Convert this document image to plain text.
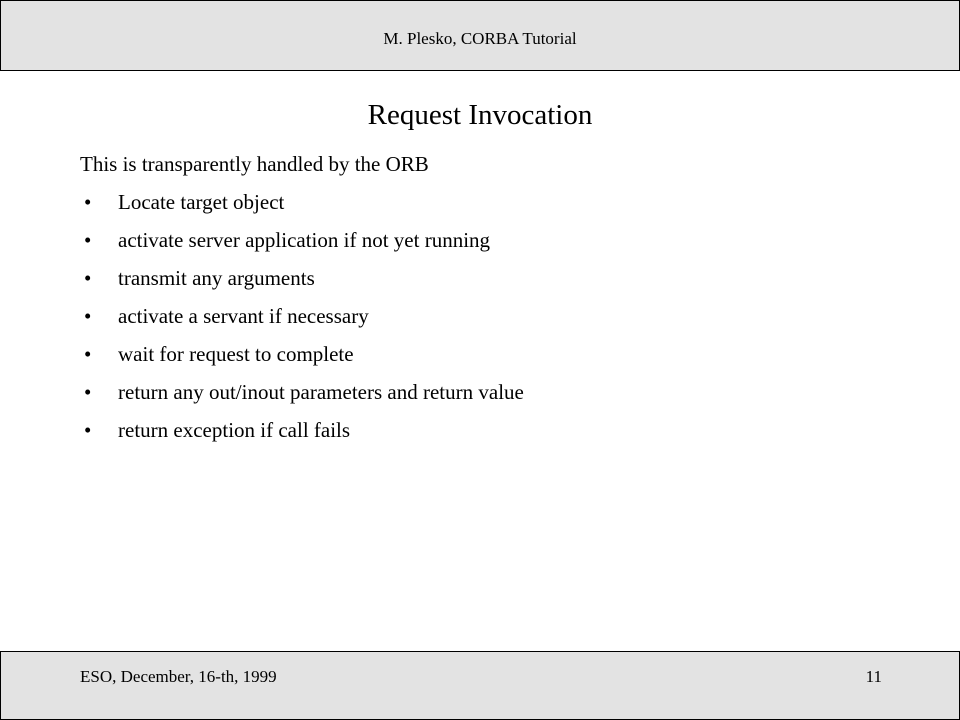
M. Plesko, CORBA Tutorial
Request Invocation
This is transparently handled by the ORB
• Locate target object
• activate server application if not yet running
• transmit any arguments
• activate a servant if necessary
• wait for request to complete
• return any out/inout parameters and return value
• return exception if call fails
ESO, December, 16-th, 1999	11
